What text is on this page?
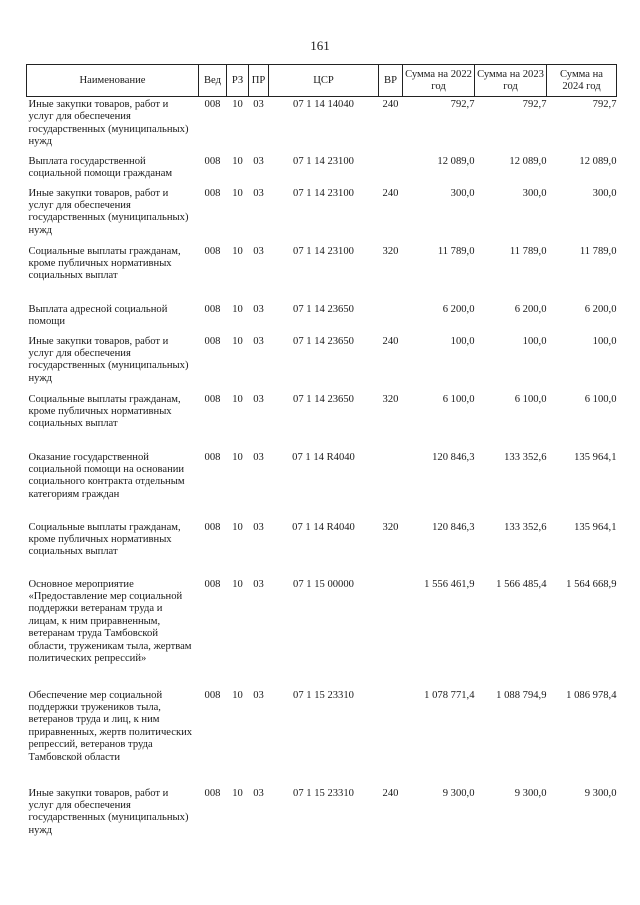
161
Наименование	Вед	РЗ	ПР	ЦСР	ВР	Сумма на 2022 год	Сумма на 2023 год	Сумма на 2024 год
Иные закупки товаров, работ и услуг для обеспечения государственных (муниципальных) нужд	008	10	03	07 1 14 14040	240	792,7	792,7	792,7
Выплата государственной социальной помощи гражданам	008	10	03	07 1 14 23100		12 089,0	12 089,0	12 089,0
Иные закупки товаров, работ и услуг для обеспечения государственных (муниципальных) нужд	008	10	03	07 1 14 23100	240	300,0	300,0	300,0
Социальные выплаты гражданам, кроме публичных нормативных социальных выплат	008	10	03	07 1 14 23100	320	11 789,0	11 789,0	11 789,0
Выплата адресной социальной помощи	008	10	03	07 1 14 23650		6 200,0	6 200,0	6 200,0
Иные закупки товаров, работ и услуг для обеспечения государственных (муниципальных) нужд	008	10	03	07 1 14 23650	240	100,0	100,0	100,0
Социальные выплаты гражданам, кроме публичных нормативных социальных выплат	008	10	03	07 1 14 23650	320	6 100,0	6 100,0	6 100,0
Оказание государственной социальной помощи на основании социального контракта отдельным категориям граждан	008	10	03	07 1 14 R4040		120 846,3	133 352,6	135 964,1
Социальные выплаты гражданам, кроме публичных нормативных социальных выплат	008	10	03	07 1 14 R4040	320	120 846,3	133 352,6	135 964,1
Основное мероприятие «Предоставление мер социальной поддержки ветеранам труда и лицам, к ним приравненным, ветеранам труда Тамбовской области, труженикам тыла, жертвам политических репрессий»	008	10	03	07 1 15 00000		1 556 461,9	1 566 485,4	1 564 668,9
Обеспечение мер социальной поддержки тружеников тыла, ветеранов труда и лиц, к ним приравненных, жертв политических репрессий, ветеранов труда Тамбовской области	008	10	03	07 1 15 23310		1 078 771,4	1 088 794,9	1 086 978,4
Иные закупки товаров, работ и услуг для обеспечения государственных (муниципальных) нужд	008	10	03	07 1 15 23310	240	9 300,0	9 300,0	9 300,0
